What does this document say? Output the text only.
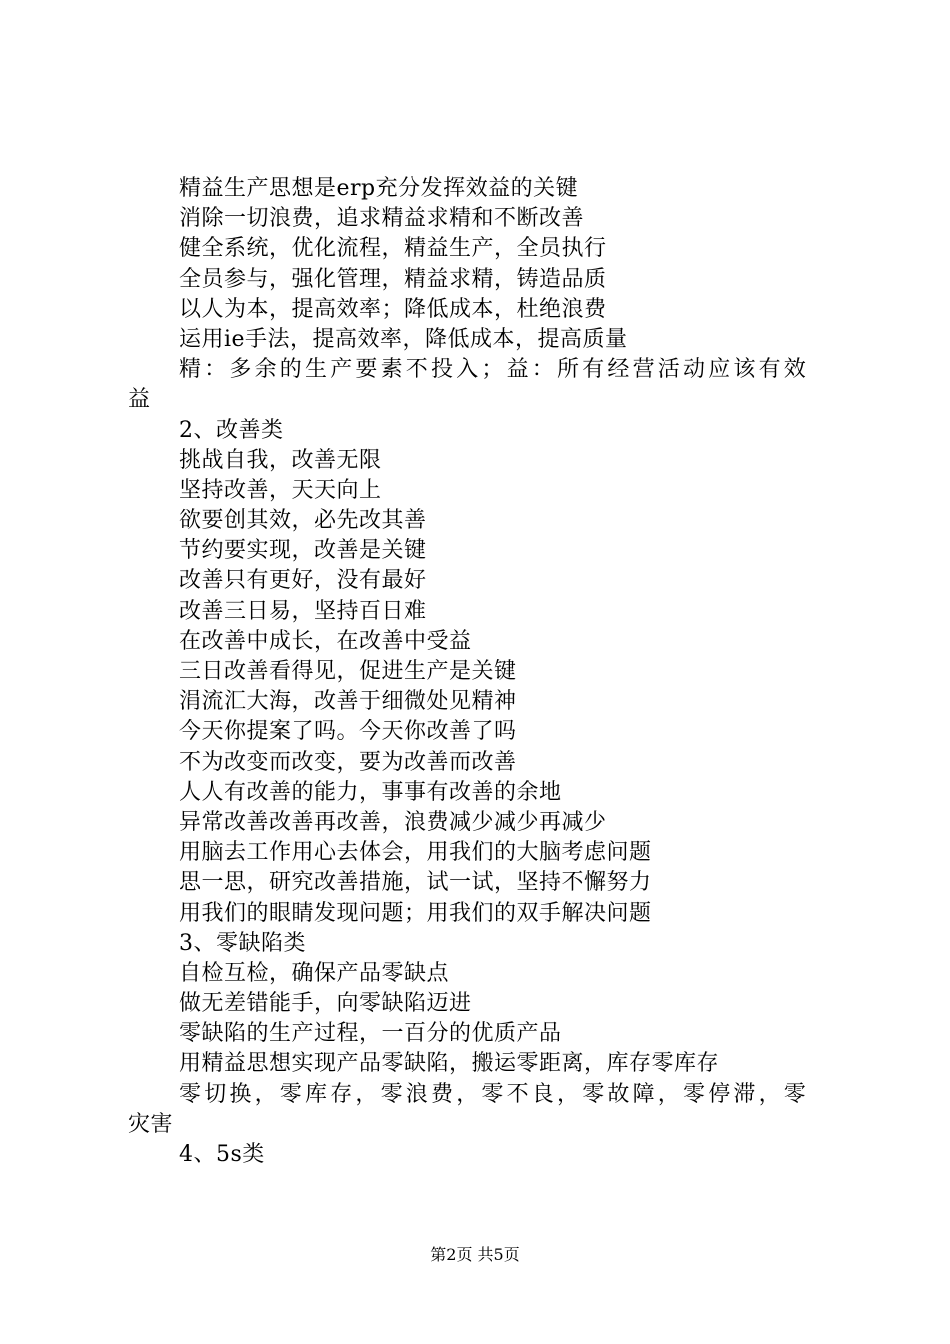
精益生产思想是erp充分发挥效益的关键
消除一切浪费，追求精益求精和不断改善
健全系统，优化流程，精益生产，全员执行
全员参与，强化管理，精益求精，铸造品质
以人为本，提高效率；降低成本，杜绝浪费
运用ie手法，提高效率，降低成本，提高质量
精：多余的生产要素不投入；益：所有经营活动应该有效
益
2、改善类
挑战自我，改善无限
坚持改善，天天向上
欲要创其效，必先改其善
节约要实现，改善是关键
改善只有更好，没有最好
改善三日易，坚持百日难
在改善中成长，在改善中受益
三日改善看得见，促进生产是关键
涓流汇大海，改善于细微处见精神
今天你提案了吗。今天你改善了吗
不为改变而改变，要为改善而改善
人人有改善的能力，事事有改善的余地
异常改善改善再改善，浪费减少减少再减少
用脑去工作用心去体会，用我们的大脑考虑问题
思一思，研究改善措施，试一试，坚持不懈努力
用我们的眼睛发现问题；用我们的双手解决问题
3、零缺陷类
自检互检，确保产品零缺点
做无差错能手，向零缺陷迈进
零缺陷的生产过程，一百分的优质产品
用精益思想实现产品零缺陷，搬运零距离，库存零库存
零切换，零库存，零浪费，零不良，零故障，零停滞，零
灾害
4、5s类
第2页 共5页
